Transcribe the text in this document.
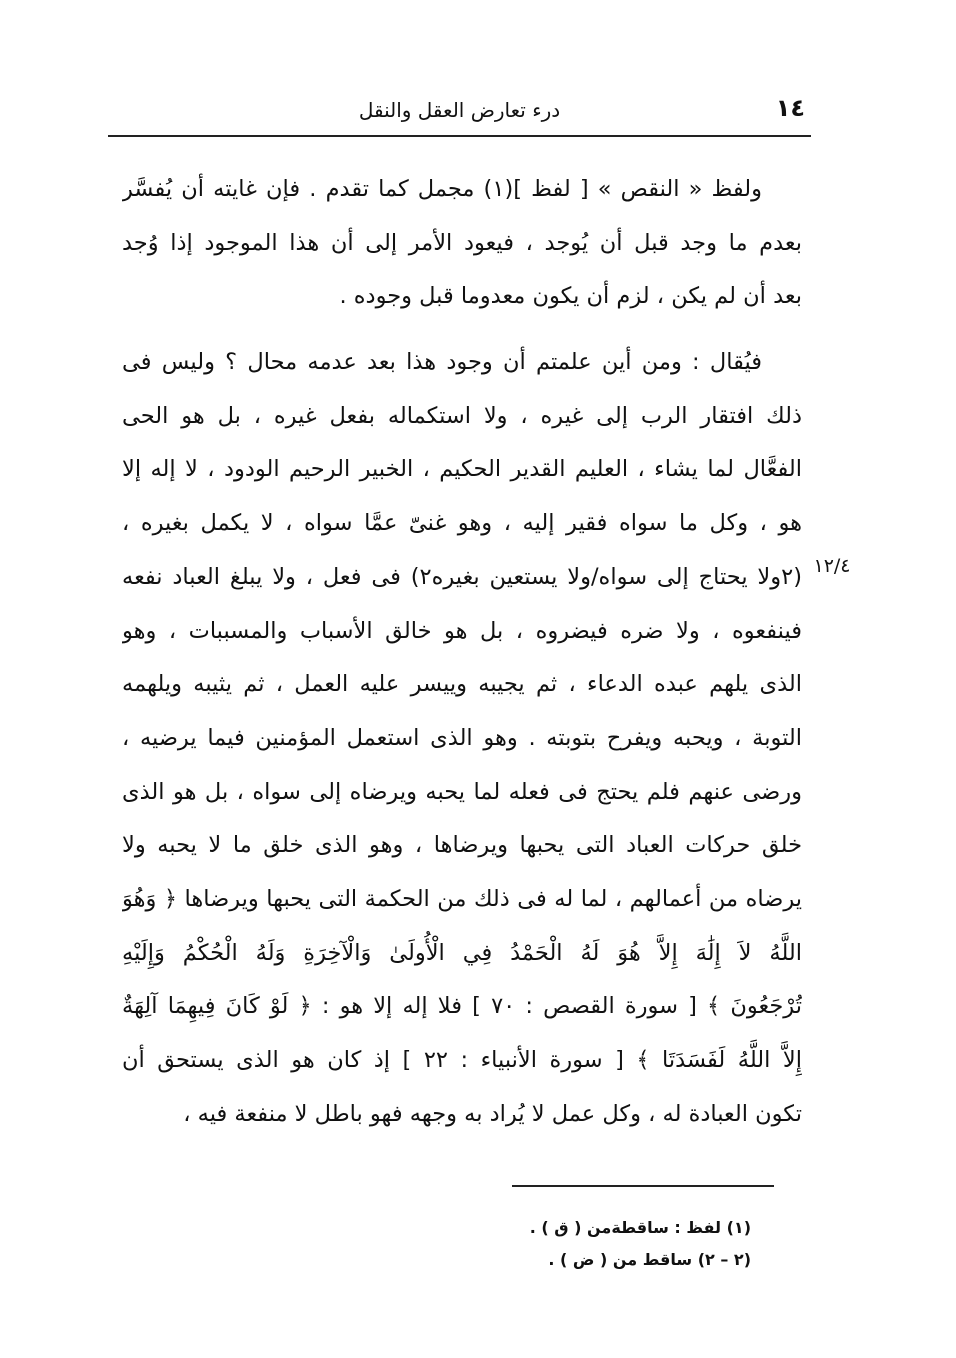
١٤
درء تعارض العقل والنقل

ولفظ « النقص » [ لفظ ](١) مجمل كما تقدم . فإن غايته أن يُفسَّر
بعدم ما وجد قبل أن يُوجد ، فيعود الأمر إلى أن هذا الموجود إذا وُجد
بعد أن لم يكن ، لزم أن يكون معدوما قبل وجوده .

فيُقال : ومن أين علمتم أن وجود هذا بعد عدمه محال ؟ وليس فى
ذلك افتقار الرب إلى غيره ، ولا استكماله بفعل غيره ، بل هو الحى
الفعَّال لما يشاء ، العليم القدير الحكيم ، الخبير الرحيم الودود ، لا إله إلا
هو ، وكل ما سواه فقير إليه ، وهو غنىّ عمَّا سواه ، لا يكمل بغيره ،
(٢ولا يحتاج إلى سواه/ولا يستعين بغيره٢) فى فعل ، ولا يبلغ العباد نفعه
فينفعوه ، ولا ضره فيضروه ، بل هو خالق الأسباب والمسببات ، وهو
الذى يلهم عبده الدعاء ، ثم يجيبه وييسر عليه العمل ، ثم يثيبه ويلهمه
التوبة ، ويحبه ويفرح بتوبته . وهو الذى استعمل المؤمنين فيما يرضيه ،
ورضى عنهم فلم يحتج فى فعله لما يحبه ويرضاه إلى سواه ، بل هو الذى
خلق حركات العباد التى يحبها ويرضاها ، وهو الذى خلق ما لا يحبه ولا
يرضاه من أعمالهم ، لما له فى ذلك من الحكمة التى يحبها ويرضاها ﴿ وَهُوَ
اللَّهُ لاَ إِلَٰهَ إِلاَّ هُوَ لَهُ الْحَمْدُ فِي الْأُولَىٰ وَالْآخِرَةِ وَلَهُ الْحُكْمُ وَإِلَيْهِ
تُرْجَعُونَ ﴾ [ سورة القصص : ٧٠ ] فلا إله إلا هو : ﴿ لَوْ كَانَ فِيهِمَا آلِهَةٌ
إِلاَّ اللَّهُ لَفَسَدَتَا ﴾ [ سورة الأنبياء : ٢٢ ] إذ كان هو الذى يستحق أن
تكون العبادة له ، وكل عمل لا يُراد به وجهه فهو باطل لا منفعة فيه ،

١٢/٤
(١) لفظ : ساقطةمن ( ق ) .
(٢ – ٢) ساقط من ( ض ) .
